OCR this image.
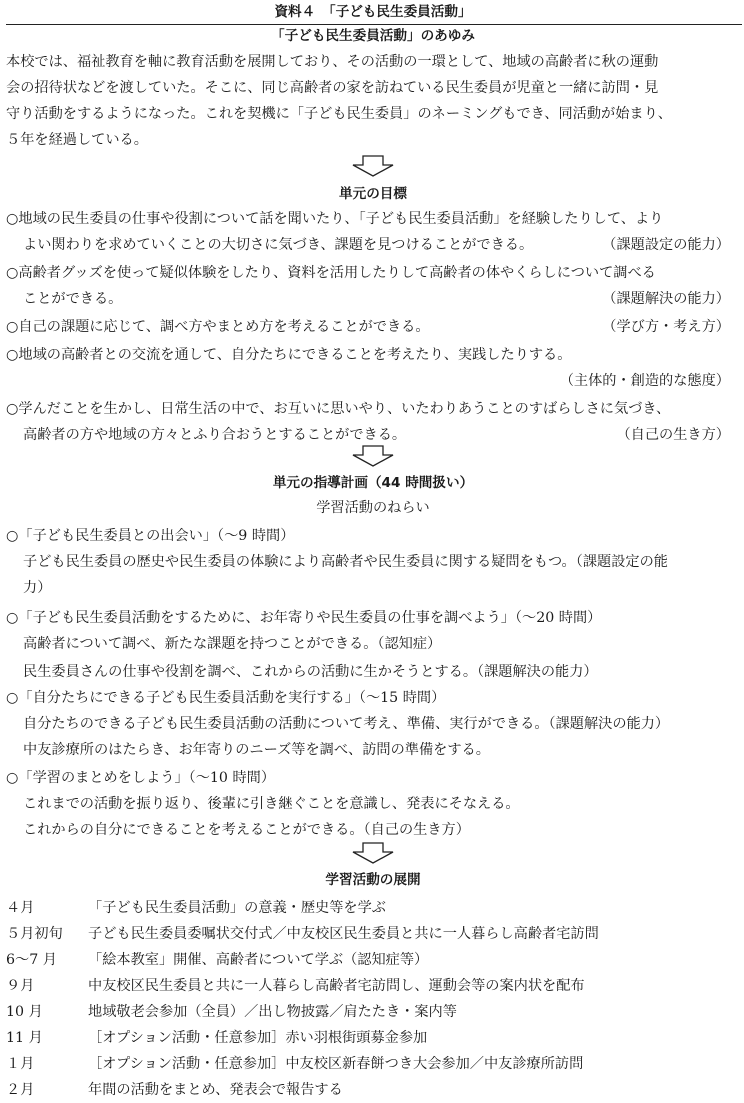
資料４　「子ども民生委員活動」
「子ども民生委員活動」のあゆみ
本校では、福祉教育を軸に教育活動を展開しており、その活動の一環として、地域の高齢者に秋の運動
会の招待状などを渡していた。そこに、同じ高齢者の家を訪ねている民生委員が児童と一緒に訪問・見
守り活動をするようになった。これを契機に「子ども民生委員」のネーミングもでき、同活動が始まり、
５年を経過している。
単元の目標
○地域の民生委員の仕事や役割について話を聞いたり、「子ども民生委員活動」を経験したりして、より
よい関わりを求めていくことの大切さに気づき、課題を見つけることができる。	（課題設定の能力）
○高齢者グッズを使って疑似体験をしたり、資料を活用したりして高齢者の体やくらしについて調べる
ことができる。	（課題解決の能力）
○自己の課題に応じて、調べ方やまとめ方を考えることができる。	（学び方・考え方）
○地域の高齢者との交流を通して、自分たちにできることを考えたり、実践したりする。
（主体的・創造的な態度）
○学んだことを生かし、日常生活の中で、お互いに思いやり、いたわりあうことのすばらしさに気づき、
高齢者の方や地域の方々とふり合おうとすることができる。	（自己の生き方）
単元の指導計画（44 時間扱い）
学習活動のねらい
○「子ども民生委員との出会い」（～9 時間）
子ども民生委員の歴史や民生委員の体験により高齢者や民生委員に関する疑問をもつ。（課題設定の能
力）
○「子ども民生委員活動をするために、お年寄りや民生委員の仕事を調べよう」（～20 時間）
高齢者について調べ、新たな課題を持つことができる。（認知症）
民生委員さんの仕事や役割を調べ、これからの活動に生かそうとする。（課題解決の能力）
○「自分たちにできる子ども民生委員活動を実行する」（～15 時間）
自分たちのできる子ども民生委員活動の活動について考え、準備、実行ができる。（課題解決の能力）
中友診療所のはたらき、お年寄りのニーズ等を調べ、訪問の準備をする。
○「学習のまとめをしよう」（～10 時間）
これまでの活動を振り返り、後輩に引き継ぐことを意識し、発表にそなえる。
これからの自分にできることを考えることができる。（自己の生き方）
学習活動の展開
４月	「子ども民生委員活動」の意義・歴史等を学ぶ
５月初旬 子ども民生委員委嘱状交付式／中友校区民生委員と共に一人暮らし高齢者宅訪問
6～7 月 「絵本教室」開催、高齢者について学ぶ（認知症等）
９月	中友校区民生委員と共に一人暮らし高齢者宅訪問し、運動会等の案内状を配布
10 月	地域敬老会参加（全員）／出し物披露／肩たたき・案内等
11 月	［オプション活動・任意参加］赤い羽根街頭募金参加
１月	［オプション活動・任意参加］中友校区新春餅つき大会参加／中友診療所訪問
２月	年間の活動をまとめ、発表会で報告する
